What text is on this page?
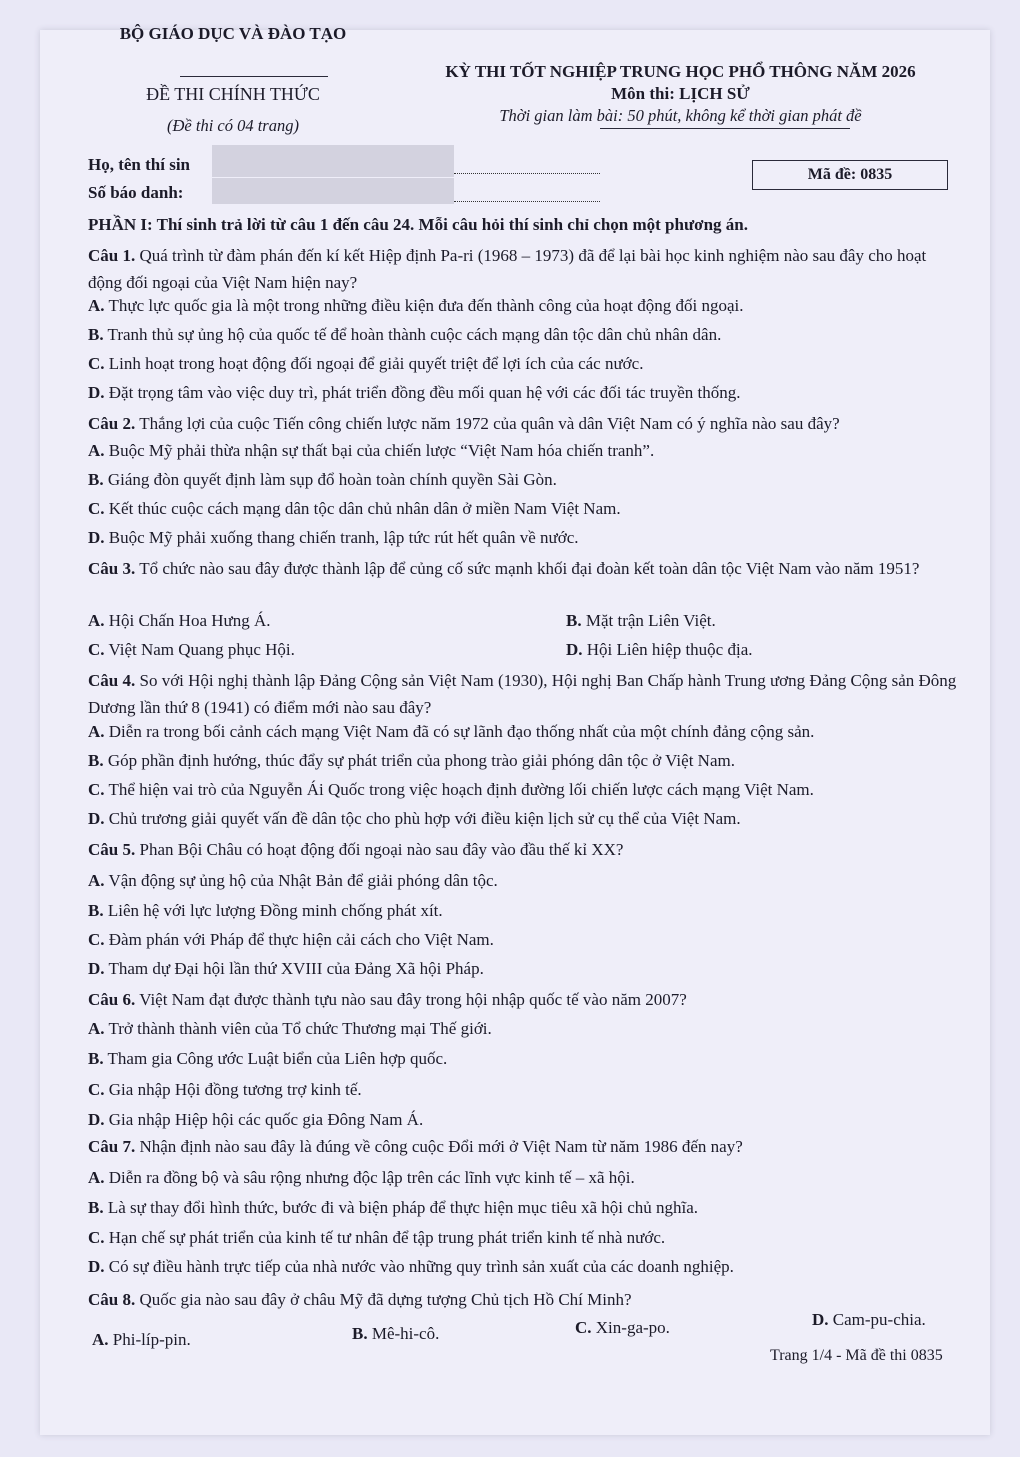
BỘ GIÁO DỤC VÀ ĐÀO TẠO
ĐỀ THI CHÍNH THỨC
(Đề thi có 04 trang)
KỲ THI TỐT NGHIỆP TRUNG HỌC PHỔ THÔNG NĂM 2026
Môn thi: LỊCH SỬ
Thời gian làm bài: 50 phút, không kể thời gian phát đề
Họ, tên thí sin
Số báo danh:
Mã đề: 0835
PHẦN I: Thí sinh trả lời từ câu 1 đến câu 24. Mỗi câu hỏi thí sinh chỉ chọn một phương án.
Câu 1. Quá trình từ đàm phán đến kí kết Hiệp định Pa-ri (1968 – 1973) đã để lại bài học kinh nghiệm nào sau đây cho hoạt động đối ngoại của Việt Nam hiện nay?
A. Thực lực quốc gia là một trong những điều kiện đưa đến thành công của hoạt động đối ngoại.
B. Tranh thủ sự ủng hộ của quốc tế để hoàn thành cuộc cách mạng dân tộc dân chủ nhân dân.
C. Linh hoạt trong hoạt động đối ngoại để giải quyết triệt để lợi ích của các nước.
D. Đặt trọng tâm vào việc duy trì, phát triển đồng đều mối quan hệ với các đối tác truyền thống.
Câu 2. Thắng lợi của cuộc Tiến công chiến lược năm 1972 của quân và dân Việt Nam có ý nghĩa nào sau đây?
A. Buộc Mỹ phải thừa nhận sự thất bại của chiến lược “Việt Nam hóa chiến tranh”.
B. Giáng đòn quyết định làm sụp đổ hoàn toàn chính quyền Sài Gòn.
C. Kết thúc cuộc cách mạng dân tộc dân chủ nhân dân ở miền Nam Việt Nam.
D. Buộc Mỹ phải xuống thang chiến tranh, lập tức rút hết quân về nước.
Câu 3. Tổ chức nào sau đây được thành lập để củng cố sức mạnh khối đại đoàn kết toàn dân tộc Việt Nam vào năm 1951?
A. Hội Chấn Hoa Hưng Á.	B. Mặt trận Liên Việt.
C. Việt Nam Quang phục Hội.	D. Hội Liên hiệp thuộc địa.
Câu 4. So với Hội nghị thành lập Đảng Cộng sản Việt Nam (1930), Hội nghị Ban Chấp hành Trung ương Đảng Cộng sản Đông Dương lần thứ 8 (1941) có điểm mới nào sau đây?
A. Diễn ra trong bối cảnh cách mạng Việt Nam đã có sự lãnh đạo thống nhất của một chính đảng cộng sản.
B. Góp phần định hướng, thúc đẩy sự phát triển của phong trào giải phóng dân tộc ở Việt Nam.
C. Thể hiện vai trò của Nguyễn Ái Quốc trong việc hoạch định đường lối chiến lược cách mạng Việt Nam.
D. Chủ trương giải quyết vấn đề dân tộc cho phù hợp với điều kiện lịch sử cụ thể của Việt Nam.
Câu 5. Phan Bội Châu có hoạt động đối ngoại nào sau đây vào đầu thế kỉ XX?
A. Vận động sự ủng hộ của Nhật Bản để giải phóng dân tộc.
B. Liên hệ với lực lượng Đồng minh chống phát xít.
C. Đàm phán với Pháp để thực hiện cải cách cho Việt Nam.
D. Tham dự Đại hội lần thứ XVIII của Đảng Xã hội Pháp.
Câu 6. Việt Nam đạt được thành tựu nào sau đây trong hội nhập quốc tế vào năm 2007?
A. Trở thành thành viên của Tổ chức Thương mại Thế giới.
B. Tham gia Công ước Luật biển của Liên hợp quốc.
C. Gia nhập Hội đồng tương trợ kinh tế.
D. Gia nhập Hiệp hội các quốc gia Đông Nam Á.
Câu 7. Nhận định nào sau đây là đúng về công cuộc Đổi mới ở Việt Nam từ năm 1986 đến nay?
A. Diễn ra đồng bộ và sâu rộng nhưng độc lập trên các lĩnh vực kinh tế – xã hội.
B. Là sự thay đổi hình thức, bước đi và biện pháp để thực hiện mục tiêu xã hội chủ nghĩa.
C. Hạn chế sự phát triển của kinh tế tư nhân để tập trung phát triển kinh tế nhà nước.
D. Có sự điều hành trực tiếp của nhà nước vào những quy trình sản xuất của các doanh nghiệp.
Câu 8. Quốc gia nào sau đây ở châu Mỹ đã dựng tượng Chủ tịch Hồ Chí Minh?
A. Phi-líp-pin.	B. Mê-hi-cô.	C. Xin-ga-po.	D. Cam-pu-chia.
Trang 1/4 - Mã đề thi 0835
